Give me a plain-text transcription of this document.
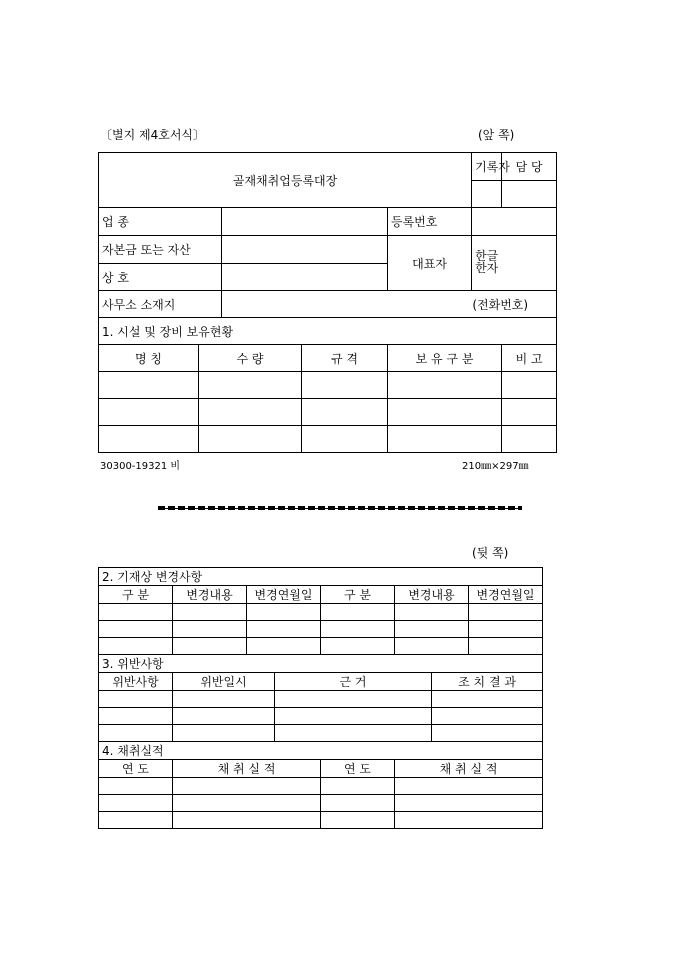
〔별지 제4호서식〕	(앞 쪽)
골재채취업등록대장					기록자	담 당

업 종				등록번호		
자본금 또는 자산				대표자	한글
한자	

상 호						
사무소 소재지		(전화번호)				
1. 시설 및 장비 보유현황						
명 칭	수 량		규 격	보 유 구 분		비 고

30300-19321 비	210㎜×297㎜
(뒷 쪽)
2. 기재상 변경사항							
구 분	변경내용	변경연월일		구 분	변경내용		변경연월일

3. 위반사항							
위반사항	위반일시		근 거			조 치 결 과	

4. 채취실적							
연 도	채 취 실 적			연 도	채 취 실 적		
